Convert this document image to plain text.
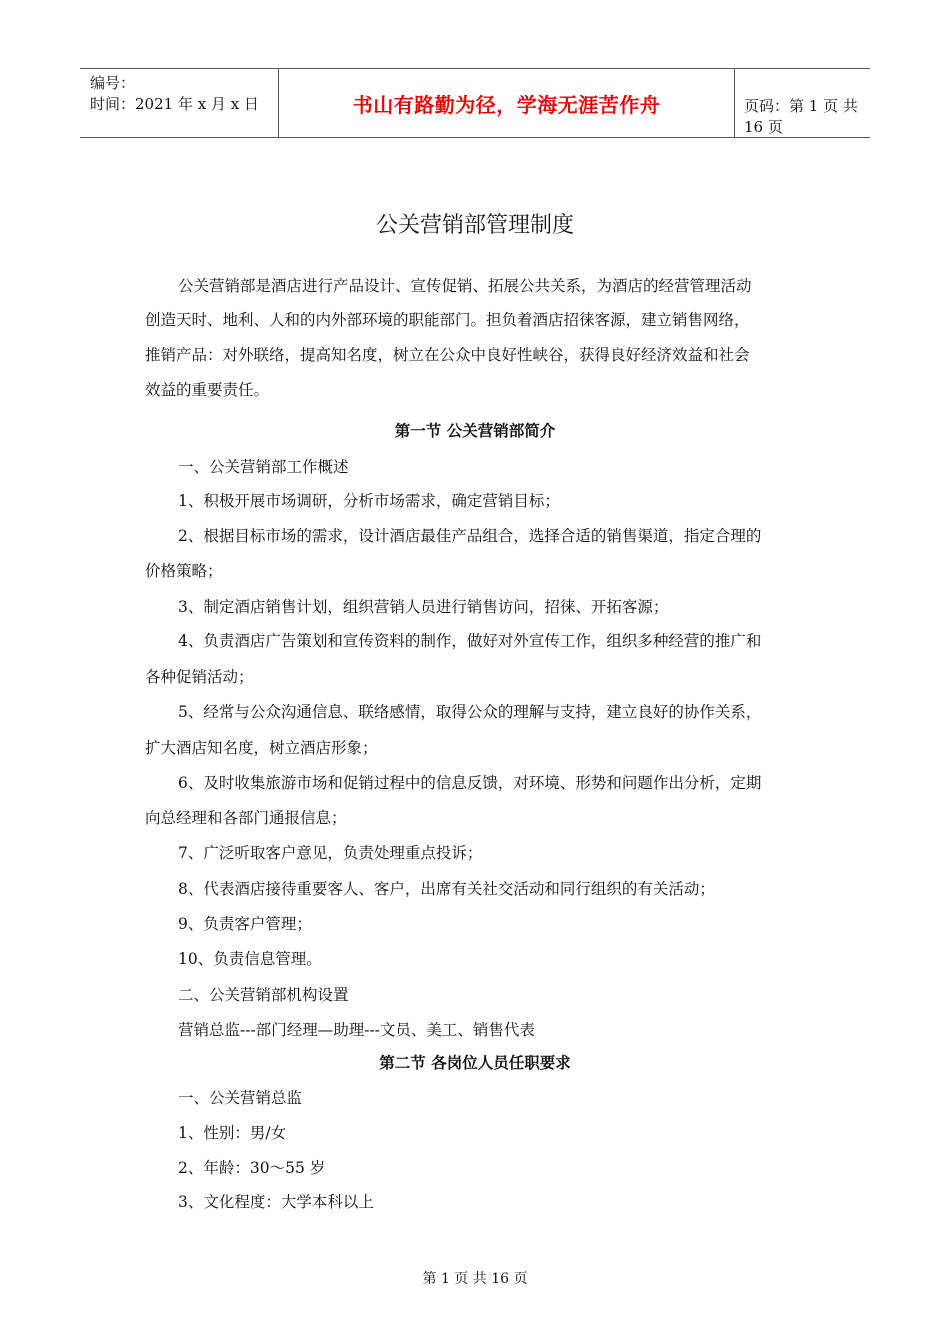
编号：
时间：2021 年 x 月 x 日	书山有路勤为径，学海无涯苦作舟	页码：第 1 页 共 16 页
公关营销部管理制度
公关营销部是酒店进行产品设计、宣传促销、拓展公共关系，为酒店的经营管理活动
创造天时、地利、人和的内外部环境的职能部门。担负着酒店招徕客源，建立销售网络，
推销产品：对外联络，提高知名度，树立在公众中良好性峡谷，获得良好经济效益和社会
效益的重要责任。
第一节 公关营销部简介
一、公关营销部工作概述
1、积极开展市场调研，分析市场需求，确定营销目标；
2、根据目标市场的需求，设计酒店最佳产品组合，选择合适的销售渠道，指定合理的
价格策略；
3、制定酒店销售计划，组织营销人员进行销售访问，招徕、开拓客源；
4、负责酒店广告策划和宣传资料的制作，做好对外宣传工作，组织多种经营的推广和
各种促销活动；
5、经常与公众沟通信息、联络感情，取得公众的理解与支持，建立良好的协作关系，
扩大酒店知名度，树立酒店形象；
6、及时收集旅游市场和促销过程中的信息反馈，对环境、形势和问题作出分析，定期
向总经理和各部门通报信息；
7、广泛听取客户意见，负责处理重点投诉；
8、代表酒店接待重要客人、客户，出席有关社交活动和同行组织的有关活动；
9、负责客户管理；
10、负责信息管理。
二、公关营销部机构设置
营销总监---部门经理—助理---文员、美工、销售代表
第二节 各岗位人员任职要求
一、公关营销总监
1、性别：男/女
2、年龄：30～55 岁
3、文化程度：大学本科以上
第 1 页 共 16 页
